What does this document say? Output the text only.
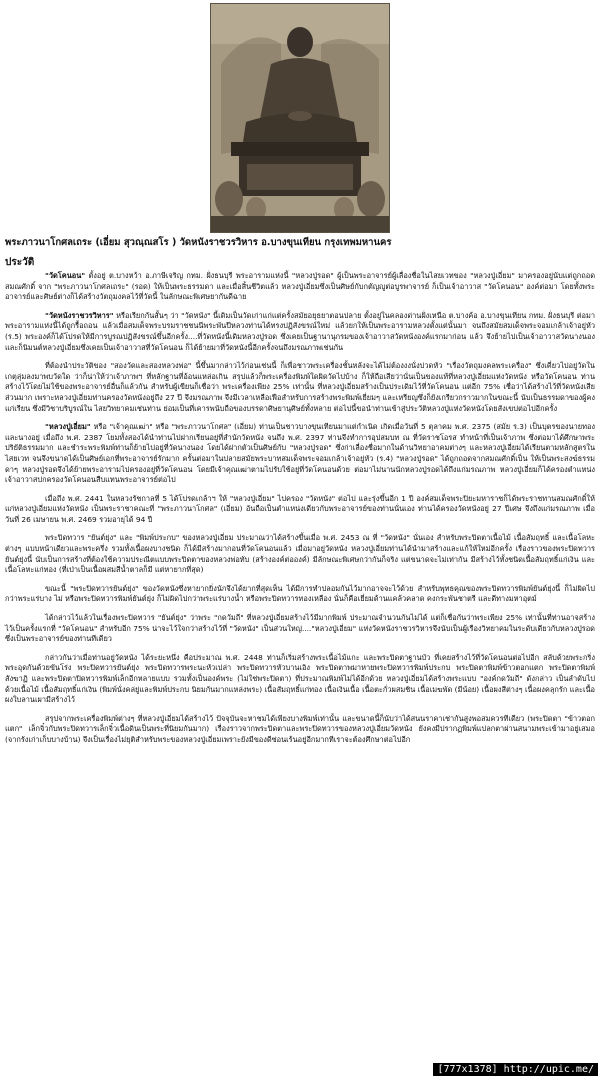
พระภาวนาโกศลเถระ (เอี่ยม สุวณฺณสโร ) วัดหนังราชวรวิหาร อ.บางขุนเทียน กรุงเทพมหานคร
ประวัติ

"วัดโคนอน" ตั้งอยู่ ต.บางหว้า อ.ภาษีเจริญ กทม. ฝั่งธนบุรี พระอารามแห่งนี้ "หลวงปู่รอด" ผู้เป็นพระอาจารย์ผู้เลื่องชื่อในไสยเวทของ "หลวงปู่เอี่ยม" มาครองอยู่นับแต่ถูกถอดสมณศักดิ์ จาก "พระภาวนาโกศลเถระ" (รอด) ให้เป็นพระธรรมดา และเมื่อสิ้นชีวิตแล้ว หลวงปู่เอี่ยมซึ่งเป็นศิษย์กับกตัญญูต่อบูรพาจารย์ ก็เป็นเจ้าอาวาส "วัดโคนอน" องค์ต่อมา โดยทั้งพระอาจารย์และศิษย์ต่างก็ได้สร้างวัตถุมงคลไว้ที่วัดนี้ ในลักษณะพิเศษยากันดีฉาย

"วัดหนังราชวรวิหาร" หรือเรียกกันสั้นๆ ว่า "วัดหนัง" นี้เดิมเป็นวัดเก่าแก่แต่ครั้งสมัยอยุธยาตอนปลาย ตั้งอยู่ในคลองด่านฝั่งเหนือ ต.บางค้อ อ.บางขุนเทียน กทม. ฝั่งธนบุรี ต่อมา พระอารามแห่งนี้ได้ถูกรื้อถอน แล้วเมื่อสมเด็จพระบรมราชชนนีพระพันปีหลวงท่านได้ทรงปฏิสังขรณ์ใหม่ แล้วยกให้เป็นพระอารามหลวงตั้งแต่นั้นมา จนถึงสมัยสมเด็จพระจอมเกล้าเจ้าอยู่หัว (ร.5) พระองค์ก็ได้โปรดให้มีการบูรณปฏิสังขรณ์ขึ้นอีกครั้ง....ที่วัดหนังนี้เดิมหลวงปู่รอด ซึ่งเคยเป็นฐานานุกรมของเจ้าอาวาสวัดหนังองค์แรกมาก่อน แล้ว จึงย้ายไปเป็นเจ้าอาวาสวัดนางนอง และก็นิมนต์หลวงปู่เอี่ยมซึ่งเคยเป็นเจ้าอาวาสที่วัดโคนอน ก็ได้ย้ายมาที่วัดหนังนี้อีกครั้งจนถึงมรณภาพเช่นกัน

ที่ต้องนำประวัติของ "สองวัดและสองหลวงพ่อ" นี้ขึ้นมากล่าวไว้ก่อนเช่นนี้ ก็เพื่อชาวพระเครื่องชั้นหลังจะได้ไม่ต้องงงนั่งปวดหัว "เรื่องวัตถุมงคลพระเครื่อง" ซึ่งเคี่ยวไปอยู่วัดในเกตุลุ่มลงมาพบวัดใด ว่าก็น่าให้ว่าเจ้าภาพฯ ที่หลักฐานที่อ้อนแหล่อเกิน สรุปแล้วก็พระเครื่องพิมพ์ใดผิดวัดไปบ้าง ก็ให้ถือเสียว่านั่นเป็นของแท้ที่หลวงปู่เอี่ยมแห่งวัดหนัง หรือวัดโคนอน ท่านสร้างไว้โดยไม่ใช้ของพระอาจารย์อื่นก็แล้วกัน สำหรับผู้เขียนก็เชื่อว่า พระเครื่องเพียง 25% เท่านั้น ที่หลวงปู่เอี่ยมสร้างเป็นประเดิมไว้ที่วัดโคนอน แต่อีก 75% เชื่อว่าได้สร้างไว้ที่วัดหนังเสียส่วนมาก เพราะหลวงปู่เอี่ยมท่านครองวัดหนังอยู่ถึง 27 ปี จึงมรณภาพ จึงมีเวลาเหลือเฟือสำหรับการสร้างพระพิมพ์เยี่ยมๆ และเหรียญซึ่งก็ยังเกรียวกราวมากในขณะนี้ นับเป็นธรรมดาของผู้คงแก่เรียน ซึ่งมีวิชาบริบูรณ์ใน ไสยวิทยาคมเช่นท่าน ย่อมเป็นที่เคารพนับถือของบรรดาศิษยานุศิษย์ทั้งหลาย ต่อไปนี้ขอนำท่านเข้าสู่ประวัติหลวงปู่แห่งวัดหนังโดยสังเขปต่อไปอีกครั้ง

"หลวงปู่เอี่ยม" หรือ "เจ้าคุณเฒ่า" หรือ "พระภาวนาโกศล" (เอี่ยม) ท่านเป็นชาวบางขุนเทียนมาแต่กำเนิด เกิดเมื่อวันที่ 5 ตุลาคม พ.ศ. 2375 (สมัย ร.3) เป็นบุตรของนายทองและนางอยู่ เมื่อถึง พ.ศ. 2387 โยมทั้งสองได้นำท่านไปฝากเรียนอยู่ที่สำนักวัดหนัง จนถึง พ.ศ. 2397 ท่านจึงทำการอุปสมบท ณ ที่วัดราชโอรส ทำหน้าที่เป็นเจ้าภาพ ซึ่งต่อมาได้ศึกษาพระปริยัติธรรมมาก และชำระพระพิมพ์ท่านก็ย้ายไปอยู่ที่วัดนางนอง โดยได้ฝากตัวเป็นศิษย์กับ "หลวงปู่รอด" ซึ่งก่าเลื่องชื่อมากในด้านวิทยาอาคมต่างๆ และหลวงปู่เอี่ยมได้เรียนตามหลักสูตรในไสยเวท จนจึงขนาดได้เป็นศิษย์เอกที่พระอาจารย์รักมาก ครั้นต่อมาในปลายสมัยพระบาทสมเด็จพระจอมเกล้าเจ้าอยู่หัว (ร.4) "หลวงปู่รอด" ได้ถูกถอดจากสมณศักดิ์เป็น ให้เป็นพระสงฆ์ธรรมดาๆ หลวงปู่รอดจึงได้ย้ายพระอารามไปครองอยู่ที่วัดโคนอน โดยมีเจ้าคุณเฒ่าตามไปรับใช้อยู่ที่วัดโคนอนด้วย ต่อมาไม่นานนักหลวงปู่รอดได้ถึงแก่มรณภาพ หลวงปู่เอี่ยมก็ได้ครองตำแหน่งเจ้าอาวาสปกครองวัดโคนอนสืบแทนพระอาจารย์ต่อไป

เมื่อถึง พ.ศ. 2441 ในหลวงรัชกาลที่ 5 ได้โปรดเกล้าฯ ให้ "หลวงปู่เอี่ยม" ไปครอง "วัดหนัง" ต่อไป และรุ่งขึ้นอีก 1 ปี องค์สมเด็จพระปิยะมหาราชก็ได้พระราชทานสมณศักดิ์ให้แก่หลวงปู่เอี่ยมแห่งวัดหนัง เป็นพระราชาคณะที่ "พระภาวนาโกศล" (เอี่ยม) อันถือเป็นตำแหน่งเดียวกับพระอาจารย์ของท่านนั่นเอง ท่านได้ครองวัดหนังอยู่ 27 ปีเศษ จึงถึงแก่มรณภาพ เมื่อวันที่ 26 เมษายน พ.ศ. 2469 รวมอายุได้ 94 ปี

พระปิดทวาร "ยันต์ยุ่ง" และ "พิมพ์ประกบ" ของหลวงปู่เอี่ยม ประมาณว่าได้สร้างขึ้นเมื่อ พ.ศ. 2453 ณ ที่ "วัดหนัง" นั่นเอง สำหรับพระปิดตาเนื้อไม้ เนื้อสัมฤทธิ์ และเนื้อโลหะต่างๆ แบบหน้าเดียวและพระครึ่ง รวมทั้งเนื้อผงบางชนิด ก็ได้มีสร้างมากอนที่วัดโคนอนแล้ว เมื่อมาอยู่วัดหนัง หลวงปู่เอี่ยมท่านได้นำมาสร้างและแก้ให้ใหม่อีกครั้ง เรื่องราวของพระปิดทวารยันต์ยุ่งนี้ นับเป็นการสร้างที่ต้องใช้ความประณีตแบบพระปิดตาของหลวงพ่อทับ (สร้างองค์ต่อองค์) มีลักษณะพิเศษกว่ากันก็จริง แต่ขนาดจะไม่เท่ากัน มีสร้างไว้ทั้งชนิดเนื้อสัมฤทธิ์แก่เงิน และเนื้อโลหะแก่ทอง (ที่เป่าเป็นเนื้อผสมสีน้ำตาลก็มี แต่หายากที่สุด)

ขณะนี้ "พระปิดทวารยันต์ยุ่ง" ของวัดหนังซึ่งหายากยิ่งนักจึงได้ยากที่สุดเห็น ได้มีการทำปลอมกันไว้มากอาจจะไว้ด้วย สำหรับพุทธคุณของพระปิดทวารพิมพ์ยันต์ยุ่งนี้ ก็ไม่ผิดไปกว่าพระแร่บาง ไม่ หรือพระปิดทวารพิมพ์ยันต์ยุ่ง ก็ไม่ผิดไปกว่าพระแร่บางน้ำ หรือพระปิดทวารทองเหลือง นั่นก็คือเยี่ยมด้านแคล้วคลาด คงกระพันชาตรี และดีทางมหาอุตม์

ได้กล่าวไว้แล้วในเรื่องพระปิดทวาร "ยันต์ยุ่ง" ว่าพระ "กดวัมถี" ที่หลวงปู่เอี่ยมสร้างไว้มีมากพิมพ์ ประมาณจำนวนกันไม่ได้ แต่ก็เชื่อกันว่าพระเพียง 25% เท่านั้นที่ท่านอาจสร้างไว้เป็นครั้งแรกที่ "วัดโคนอน" สำหรับอีก 75% น่าจะไว้ใจกว่าสร้างไว้ที่ "วัดหนัง" เป็นส่วนใหญ่...."หลวงปู่เอี่ยม" แห่งวัดหนังราชวรวิหารจึงนับเป็นผู้เรืองวิทยาคมในระดับเดียวกับหลวงปู่รอด ซึ่งเป็นพระอาจารย์ของท่านทีเดียว

กล่าวกันว่าเมื่อท่านอยู่วัดหนัง ได้ระยะหนึ่ง คือประมาณ พ.ศ. 2448 ท่านก็เริ่มสร้างพระเนื้อไม้แกะ และพระปิดตาฐานบัว ที่เคยสร้างไว้ที่วัดโคนอนต่อไปอีก สลับด้วยพระกริ่ง พระอุดกันด้วยขันโร่ง พระปิดทวารยันต์ยุ่ง พระปิดทวารพระนะหัวเปล่า พระปิดทวารหัวบานเอิง พระปิดตาพมาหายพระปิดทวารพิมพ์ประกบ พระปิดตาพิมพ์ข้าวตอกแตก พระปิดตาพิมพ์สังฆาฏิ และพระปิดตาปิดทวารพิมพ์เล็กอีกหลายแบบ รวมทั้งเป็นองค์พระ (ไม่ใช่พระปิดตา) ที่ประมาณพิมพ์ไม่ได้อีกด้วย หลวงปู่เอี่ยมได้สร้างพระแบบ "องค์กดวัมถี" ดังกล่าว เป็นลำดับไปด้วยเนื้อไม้ เนื้อสัมฤทธิ์แก่เงิน (พิมพ์นั่งคล่ยู่และพิมพ์ประกบ นิยมกันมากแหล่งพระ) เนื้อสัมฤทธิ์แก่ทอง เนื้อเงินเนื้อ เนื้อตะกั่วผสมชิน เนื้อเมฆพัด (มีน้อย) เนื้อผงสีต่างๆ เนื้อผงคลุกรัก และเนื้อผงใบลานเผามีสร้างไว้

สรุปจากพระเครื่องพิมพ์ต่างๆ ที่หลวงปู่เอี่ยมได้สร้างไว้ ปัจจุบันจะหาชมได้เพียงบางพิมพ์เท่านั้น และขนาดนี้ก็นับว่าได้สนนราคาเช่ากันสูงพอสมควรทีเดียว (พระปิดตา "ข้าวตอกแตก" เล็กจิ๋วกับพระปิดทวารเล็กจิ๋วเนื้อดินเป็นพระที่นิยมกันมาก) เรื่องราวจากพระปิดตาและพระปิดทวารของหลวงปู่เอี่ยมวัดหนัง ยังคงมีปรากฏพิมพ์แปลกตาผ่านสนามพระเข้ามาอยู่เสมอ (จากรังเก่าเก็บบางบ้าน) จึงเป็นเรื่องไม่ยุติสำหรับพระของหลวงปู่เอี่ยมเพราะยังมีของดีซ่อนเร้นอยู่อีกมากทีเราจะต้องศึกษาต่อไปอีก

[777x1378] http://upic.me/
